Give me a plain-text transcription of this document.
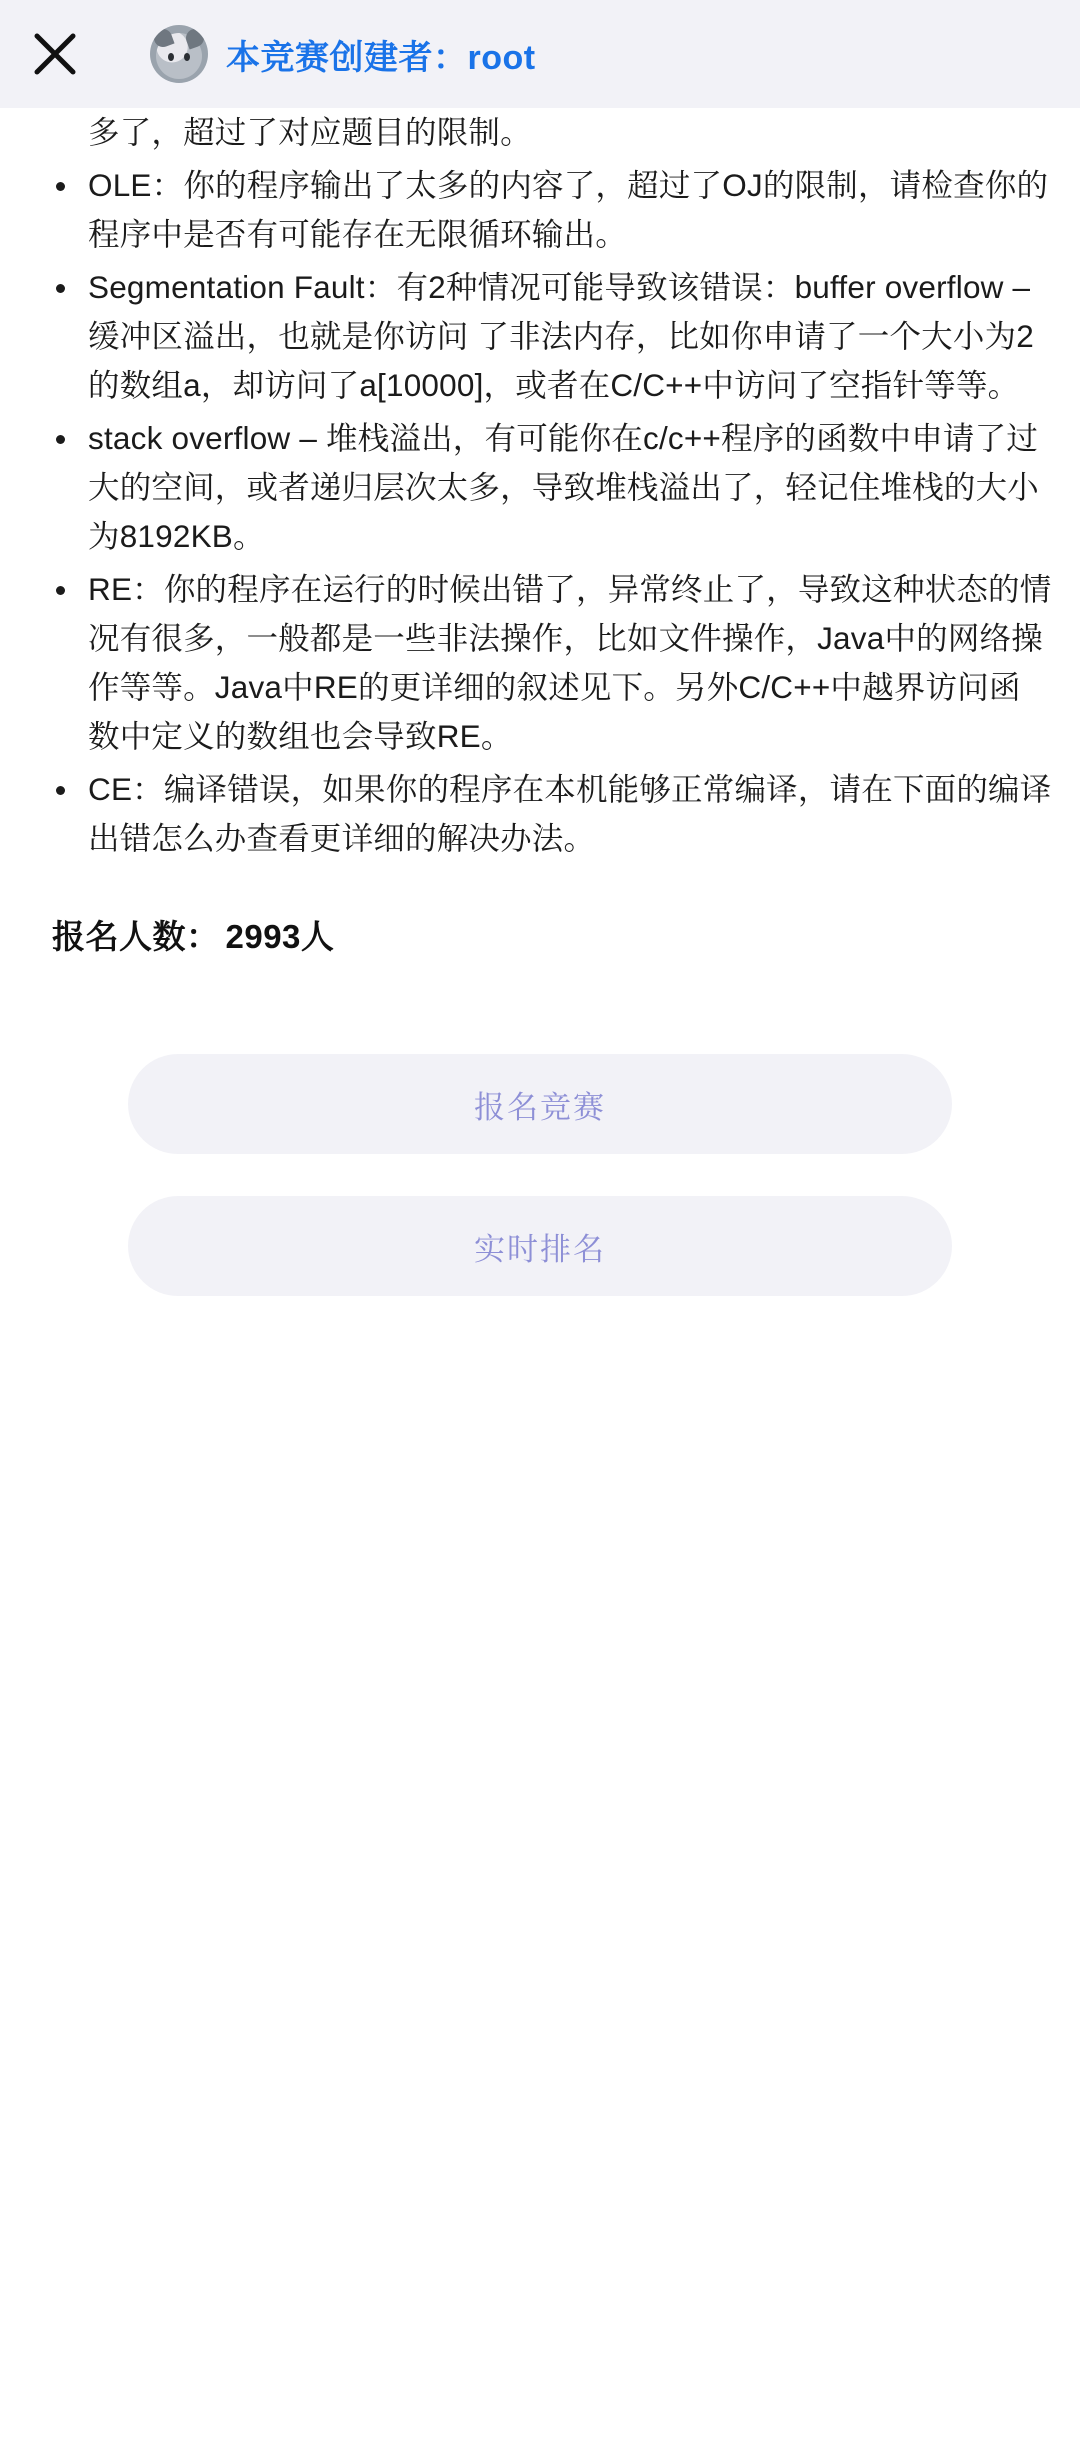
本竞赛创建者：root
多了，超过了对应题目的限制。
OLE：你的程序输出了太多的内容了，超过了OJ的限制，请检查你的程序中是否有可能存在无限循环输出。
Segmentation Fault：有2种情况可能导致该错误：buffer overflow – 缓冲区溢出，也就是你访问 了非法内存，比如你申请了一个大小为2的数组a，却访问了a[10000]，或者在C/C++中访问了空指针等等。
stack overflow – 堆栈溢出，有可能你在c/c++程序的函数中申请了过大的空间，或者递归层次太多，导致堆栈溢出了，轻记住堆栈的大小为8192KB。
RE：你的程序在运行的时候出错了，异常终止了，导致这种状态的情况有很多，一般都是一些非法操作，比如文件操作，Java中的网络操作等等。Java中RE的更详细的叙述见下。另外C/C++中越界访问函数中定义的数组也会导致RE。
CE：编译错误，如果你的程序在本机能够正常编译，请在下面的编译出错怎么办查看更详细的解决办法。
报名人数： 2993人
报名竞赛
实时排名
